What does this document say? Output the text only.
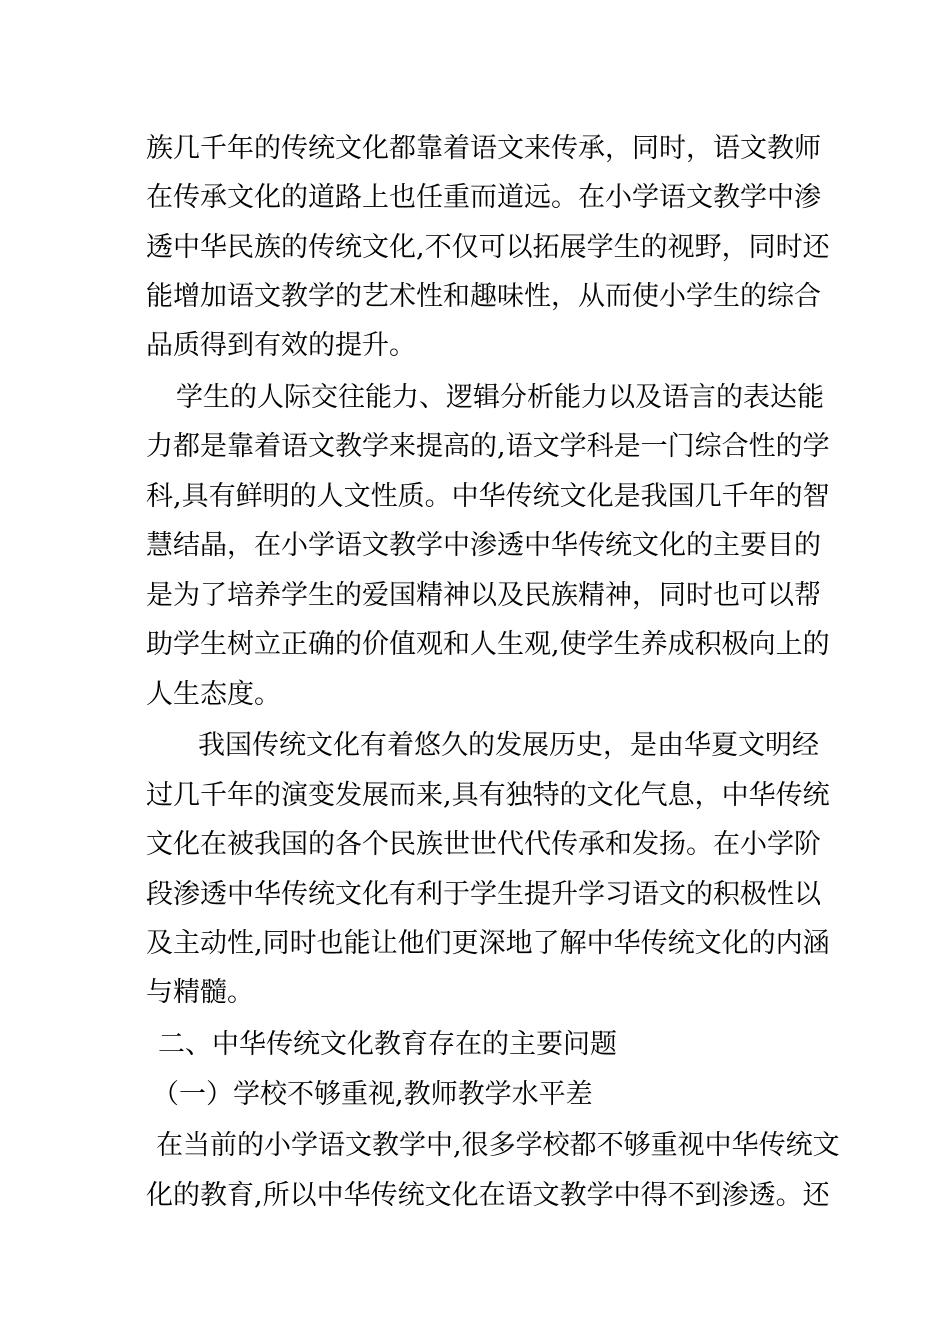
族几千年的传统文化都靠着语文来传承，同时，语文教师
在传承文化的道路上也任重而道远。在小学语文教学中渗
透中华民族的传统文化,不仅可以拓展学生的视野，同时还
能增加语文教学的艺术性和趣味性，从而使小学生的综合
品质得到有效的提升。
学生的人际交往能力、逻辑分析能力以及语言的表达能
力都是靠着语文教学来提高的,语文学科是一门综合性的学
科,具有鲜明的人文性质。中华传统文化是我国几千年的智
慧结晶，在小学语文教学中渗透中华传统文化的主要目的
是为了培养学生的爱国精神以及民族精神，同时也可以帮
助学生树立正确的价值观和人生观,使学生养成积极向上的
人生态度。
我国传统文化有着悠久的发展历史，是由华夏文明经
过几千年的演变发展而来,具有独特的文化气息，中华传统
文化在被我国的各个民族世世代代传承和发扬。在小学阶
段渗透中华传统文化有利于学生提升学习语文的积极性以
及主动性,同时也能让他们更深地了解中华传统文化的内涵
与精髓。
二、中华传统文化教育存在的主要问题
（一）学校不够重视,教师教学水平差
在当前的小学语文教学中,很多学校都不够重视中华传统文
化的教育,所以中华传统文化在语文教学中得不到渗透。还
